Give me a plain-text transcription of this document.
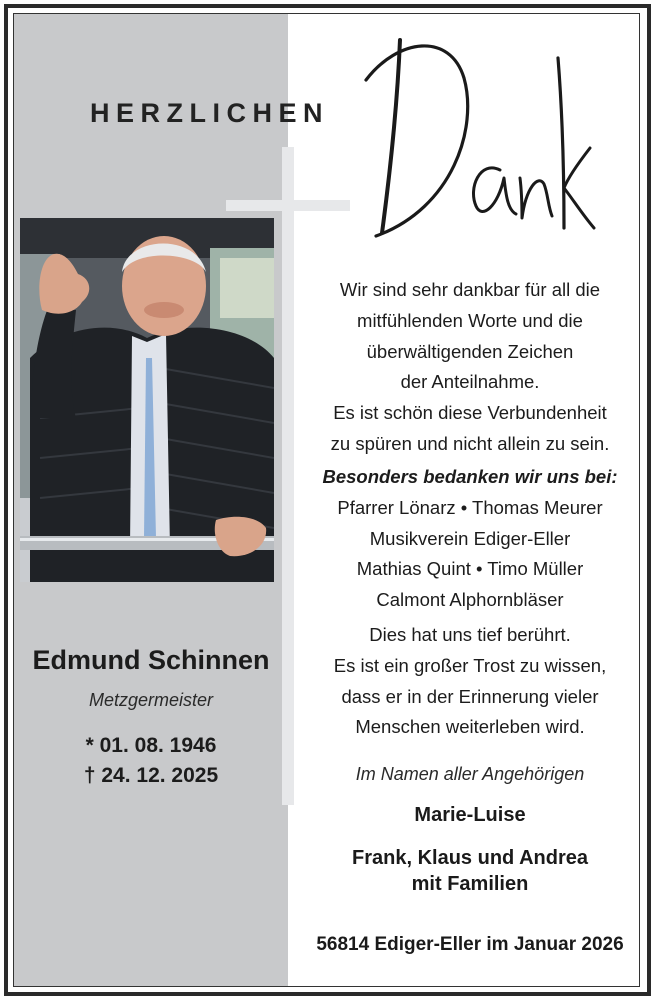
HERZLICHEN
Edmund Schinnen
Metzgermeister
* 01. 08. 1946
† 24. 12. 2025
Wir sind sehr dankbar für all die
mitfühlenden Worte und die
überwältigenden Zeichen
der Anteilnahme.
Es ist schön diese Verbundenheit
zu spüren und nicht allein zu sein.
Besonders bedanken wir uns bei:
Pfarrer Lönarz • Thomas Meurer
Musikverein Ediger-Eller
Mathias Quint • Timo Müller
Calmont Alphornbläser
Dies hat uns tief berührt.
Es ist ein großer Trost zu wissen,
dass er in der Erinnerung vieler
Menschen weiterleben wird.
Im Namen aller Angehörigen
Marie-Luise
Frank, Klaus und Andrea
mit Familien
56814 Ediger-Eller im Januar 2026
